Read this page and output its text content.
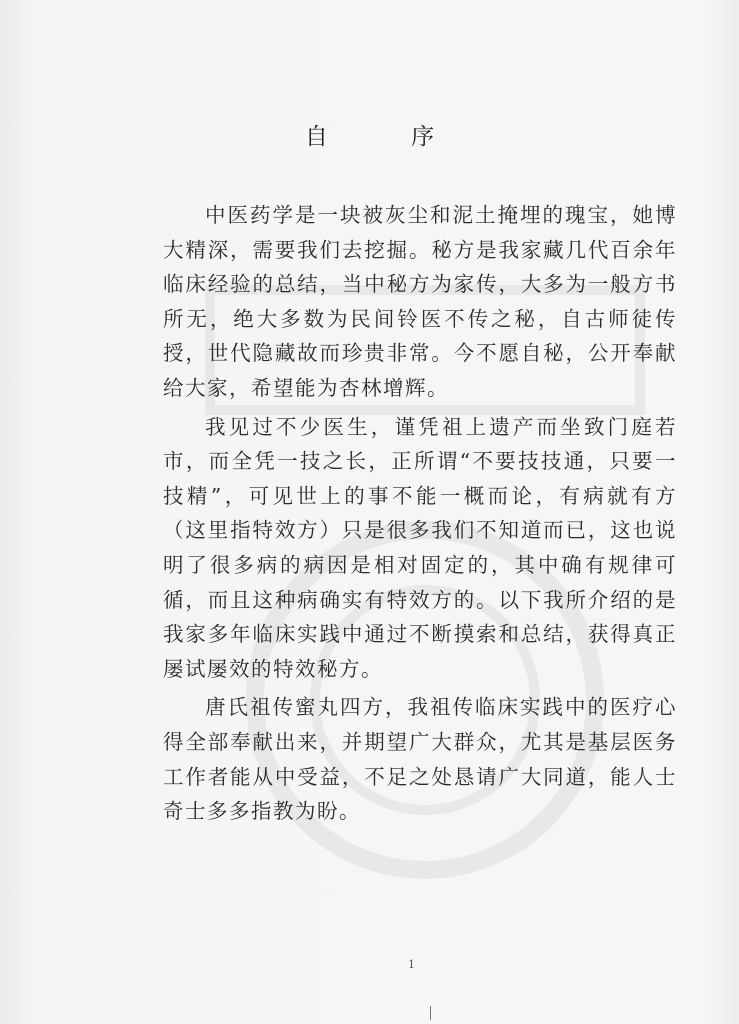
自 序

中医药学是一块被灰尘和泥土掩埋的瑰宝，她博大精深，需要我们去挖掘。秘方是我家藏几代百余年临床经验的总结，当中秘方为家传，大多为一般方书所无，绝大多数为民间铃医不传之秘，自古师徒传授，世代隐藏故而珍贵非常。今不愿自秘，公开奉献给大家，希望能为杏林增辉。

我见过不少医生，谨凭祖上遗产而坐致门庭若市，而全凭一技之长，正所谓“不要技技通，只要一技精”，可见世上的事不能一概而论，有病就有方（这里指特效方）只是很多我们不知道而已，这也说明了很多病的病因是相对固定的，其中确有规律可循，而且这种病确实有特效方的。以下我所介绍的是我家多年临床实践中通过不断摸索和总结，获得真正屡试屡效的特效秘方。

唐氏祖传蜜丸四方，我祖传临床实践中的医疗心得全部奉献出来，并期望广大群众，尤其是基层医务工作者能从中受益，不足之处恳请广大同道，能人士奇士多多指教为盼。

1
